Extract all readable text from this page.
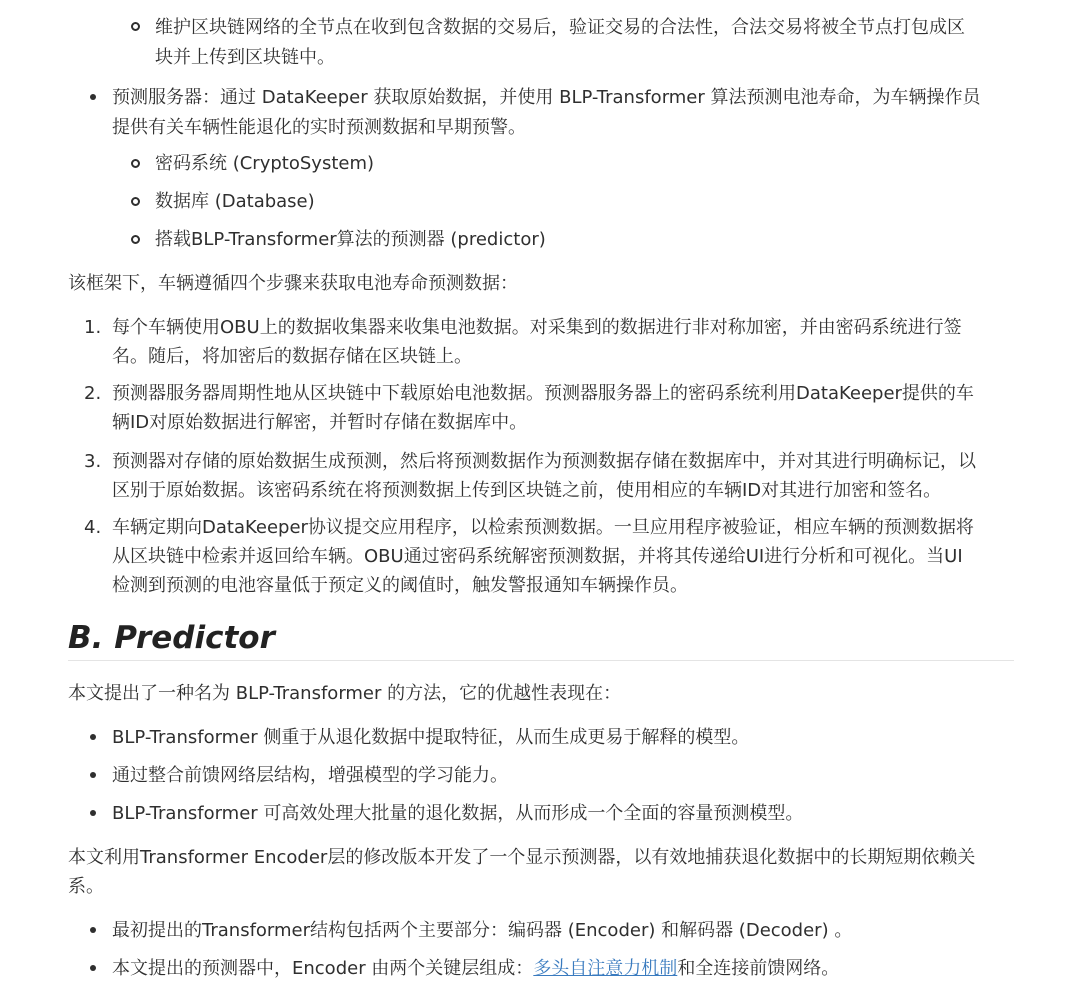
维护区块链网络的全节点在收到包含数据的交易后，验证交易的合法性，合法交易将被全节点打包成区
块并上传到区块链中。
预测服务器：通过 DataKeeper 获取原始数据，并使用 BLP-Transformer 算法预测电池寿命，为车辆操作员
提供有关车辆性能退化的实时预测数据和早期预警。
密码系统 (CryptoSystem)
数据库 (Database)
搭载BLP-Transformer算法的预测器 (predictor)
该框架下，车辆遵循四个步骤来获取电池寿命预测数据：
1. 每个车辆使用OBU上的数据收集器来收集电池数据。对采集到的数据进行非对称加密，并由密码系统进行签
名。随后，将加密后的数据存储在区块链上。
2. 预测器服务器周期性地从区块链中下载原始电池数据。预测器服务器上的密码系统利用DataKeeper提供的车
辆ID对原始数据进行解密，并暂时存储在数据库中。
3. 预测器对存储的原始数据生成预测，然后将预测数据作为预测数据存储在数据库中，并对其进行明确标记，以
区别于原始数据。该密码系统在将预测数据上传到区块链之前，使用相应的车辆ID对其进行加密和签名。
4. 车辆定期向DataKeeper协议提交应用程序，以检索预测数据。一旦应用程序被验证，相应车辆的预测数据将
从区块链中检索并返回给车辆。OBU通过密码系统解密预测数据，并将其传递给UI进行分析和可视化。当UI
检测到预测的电池容量低于预定义的阈值时，触发警报通知车辆操作员。
B. Predictor
本文提出了一种名为 BLP-Transformer 的方法，它的优越性表现在：
BLP-Transformer 侧重于从退化数据中提取特征，从而生成更易于解释的模型。
通过整合前馈网络层结构，增强模型的学习能力。
BLP-Transformer 可高效处理大批量的退化数据，从而形成一个全面的容量预测模型。
本文利用Transformer Encoder层的修改版本开发了一个显示预测器，以有效地捕获退化数据中的长期短期依赖关
系。
最初提出的Transformer结构包括两个主要部分：编码器 (Encoder) 和解码器 (Decoder) 。
本文提出的预测器中，Encoder 由两个关键层组成：多头自注意力机制和全连接前馈网络。
